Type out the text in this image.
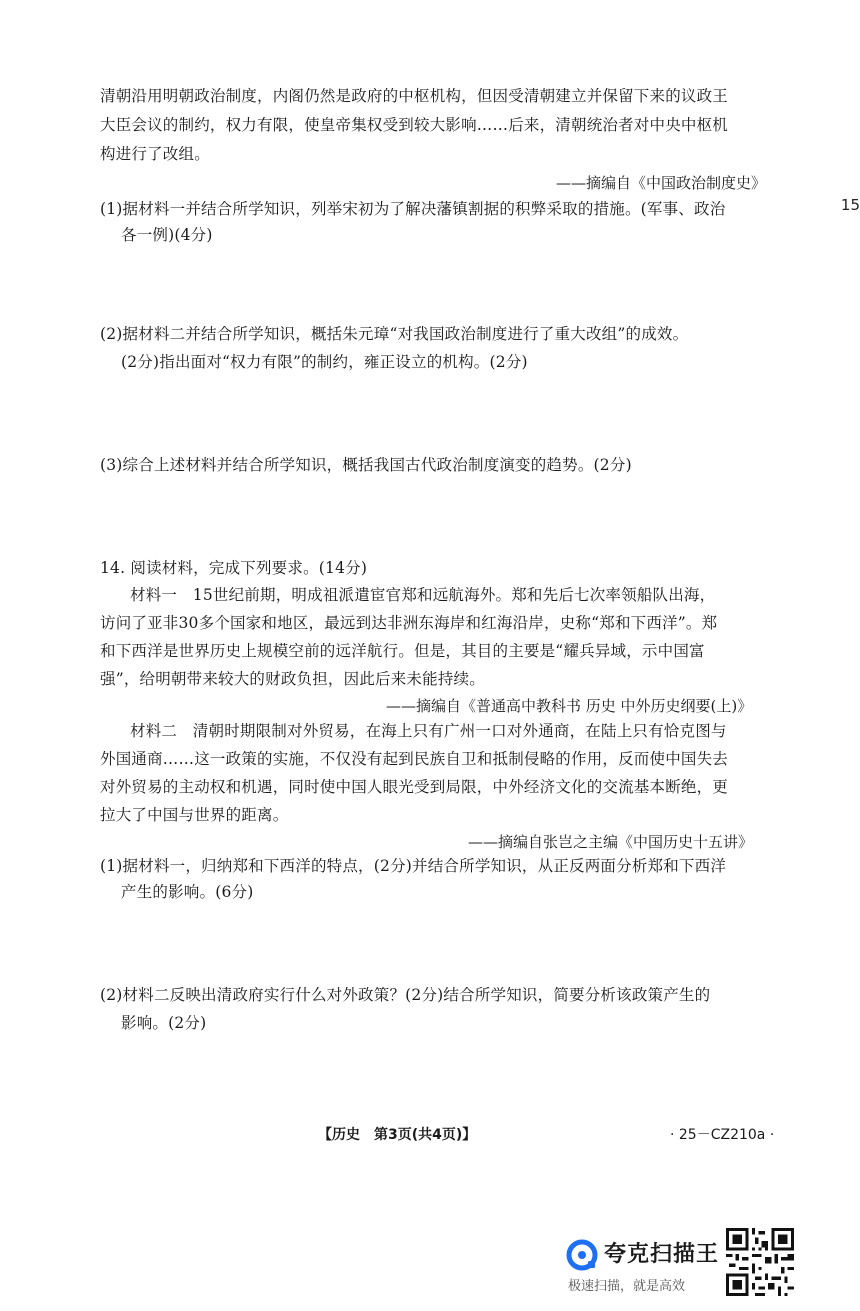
清朝沿用明朝政治制度，内阁仍然是政府的中枢机构，但因受清朝建立并保留下来的议政王
大臣会议的制约，权力有限，使皇帝集权受到较大影响……后来，清朝统治者对中央中枢机
构进行了改组。
——摘编自《中国政治制度史》
(1)据材料一并结合所学知识，列举宋初为了解决藩镇割据的积弊采取的措施。(军事、政治
各一例)(4分)
15
(2)据材料二并结合所学知识，概括朱元璋“对我国政治制度进行了重大改组”的成效。
(2分)指出面对“权力有限”的制约，雍正设立的机构。(2分)
(3)综合上述材料并结合所学知识，概括我国古代政治制度演变的趋势。(2分)
14. 阅读材料，完成下列要求。(14分)
材料一　15世纪前期，明成祖派遣宦官郑和远航海外。郑和先后七次率领船队出海，
访问了亚非30多个国家和地区，最远到达非洲东海岸和红海沿岸，史称“郑和下西洋”。郑
和下西洋是世界历史上规模空前的远洋航行。但是，其目的主要是“耀兵异域，示中国富
强”，给明朝带来较大的财政负担，因此后来未能持续。
——摘编自《普通高中教科书 历史 中外历史纲要(上)》
材料二　清朝时期限制对外贸易，在海上只有广州一口对外通商，在陆上只有恰克图与
外国通商……这一政策的实施，不仅没有起到民族自卫和抵制侵略的作用，反而使中国失去
对外贸易的主动权和机遇，同时使中国人眼光受到局限，中外经济文化的交流基本断绝，更
拉大了中国与世界的距离。
——摘编自张岂之主编《中国历史十五讲》
(1)据材料一，归纳郑和下西洋的特点，(2分)并结合所学知识，从正反两面分析郑和下西洋
产生的影响。(6分)
(2)材料二反映出清政府实行什么对外政策？(2分)结合所学知识，简要分析该政策产生的
影响。(2分)
【历史　第3页(共4页)】	· 25－CZ210a ·
夸克扫描王
极速扫描，就是高效
